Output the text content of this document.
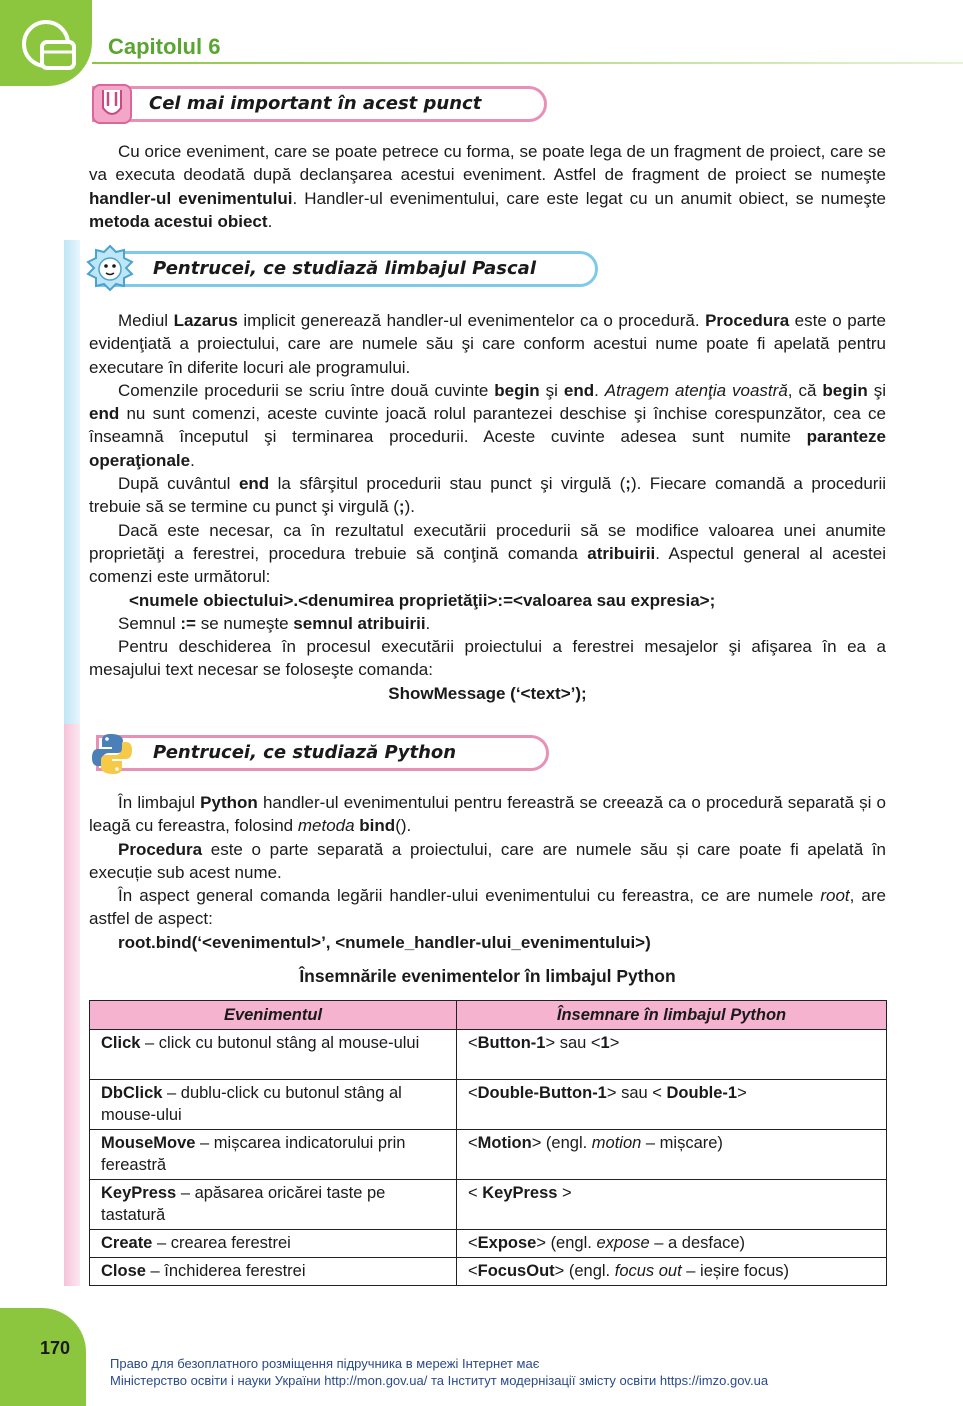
Capitolul 6
Cel mai important în acest punct

Cu orice eveniment, care se poate petrece cu forma, se poate lega de un fragment de proiect, care se va executa deodată după declanşarea acestui eveniment. Astfel de fragment de proiect se numeşte handler-ul evenimentului. Handler-ul evenimentului, care este legat cu un anumit obiect, se numeşte metoda acestui obiect.

Pentrucei, ce studiază limbajul Pascal

Mediul Lazarus implicit generează handler-ul evenimentelor ca o procedură. Procedura este o parte evidenţiată a proiectului, care are numele său şi care conform acestui nume poate fi apelată pentru executare în diferite locuri ale programului.

Comenzile procedurii se scriu între două cuvinte begin şi end. Atragem atenţia voastră, că begin şi end nu sunt comenzi, aceste cuvinte joacă rolul parantezei deschise şi închise corespunzător, cea ce înseamnă începutul şi terminarea procedurii. Aceste cuvinte adesea sunt numite paranteze operaţionale.

După cuvântul end la sfârşitul procedurii stau punct şi virgulă (;). Fiecare comandă a procedurii trebuie să se termine cu punct şi virgulă (;).

Dacă este necesar, ca în rezultatul executării procedurii să se modifice valoarea unei anumite proprietăţi a ferestrei, procedura trebuie să conţină comanda atribuirii. Aspectul general al acestei comenzi este următorul:

<numele obiectului>.<denumirea proprietăţii>:=<valoarea sau expresia>;

Semnul := se numeşte semnul atribuirii.

Pentru deschiderea în procesul executării proiectului a ferestrei mesajelor şi afişarea în ea a mesajului text necesar se foloseşte comanda:

ShowMessage (‘<text>’);

Pentrucei, ce studiază Python

În limbajul Python handler-ul evenimentului pentru fereastră se creează ca o procedură separată și o leagă cu fereastra, folosind metoda bind().

Procedura este o parte separată a proiectului, care are numele său și care poate fi apelată în execuție sub acest nume.

În aspect general comanda legării handler-ului evenimentului cu fereastra, ce are numele root, are astfel de aspect:

root.bind(‘<evenimentul>’, <numele_handler-ului_evenimentului>)

Însemnările evenimentelor în limbajul Python
Evenimentul	Însemnare în limbajul Python
Click – click cu butonul stâng al mouse-ului	<Button-1> sau <1>
DbClick – dublu-click cu butonul stâng al mouse-ului	<Double-Button-1> sau < Double-1>
MouseMove – mișcarea indicatorului prin fereastră	<Motion> (engl. motion – mișcare)
KeyPress – apăsarea oricărei taste pe tastatură	< KeyPress >
Create – crearea ferestrei	<Expose> (engl. expose – a desface)
Close – închiderea ferestrei	<FocusOut> (engl. focus out – ieșire focus)
170
Право для безоплатного розміщення підручника в мережі Інтернет має
Міністерство освіти і науки України http://mon.gov.ua/ та Інститут модернізації змісту освіти https://imzo.gov.ua
